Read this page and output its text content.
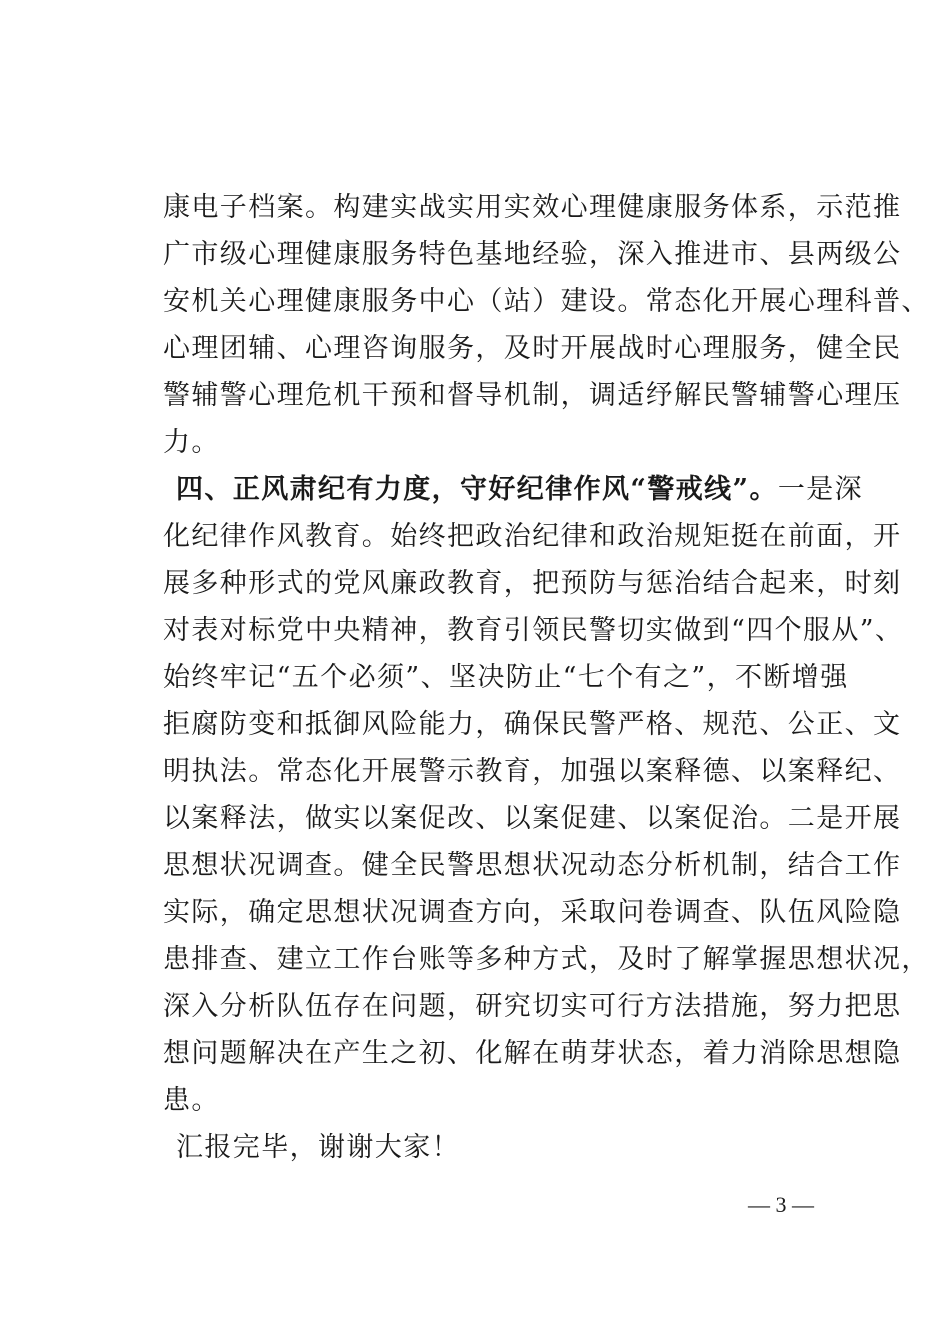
康电子档案。构建实战实用实效心理健康服务体系，示范推
广市级心理健康服务特色基地经验，深入推进市、县两级公
安机关心理健康服务中心（站）建设。常态化开展心理科普、
心理团辅、心理咨询服务，及时开展战时心理服务，健全民
警辅警心理危机干预和督导机制，调适纾解民警辅警心理压
力。
四、正风肃纪有力度，守好纪律作风“警戒线”。一是深
化纪律作风教育。始终把政治纪律和政治规矩挺在前面，开
展多种形式的党风廉政教育，把预防与惩治结合起来，时刻
对表对标党中央精神，教育引领民警切实做到“四个服从”、
始终牢记“五个必须”、坚决防止“七个有之”，不断增强
拒腐防变和抵御风险能力，确保民警严格、规范、公正、文
明执法。常态化开展警示教育，加强以案释德、以案释纪、
以案释法，做实以案促改、以案促建、以案促治。二是开展
思想状况调查。健全民警思想状况动态分析机制，结合工作
实际，确定思想状况调查方向，采取问卷调查、队伍风险隐
患排查、建立工作台账等多种方式，及时了解掌握思想状况，
深入分析队伍存在问题，研究切实可行方法措施，努力把思
想问题解决在产生之初、化解在萌芽状态，着力消除思想隐
患。
汇报完毕，谢谢大家！
— 3 —
